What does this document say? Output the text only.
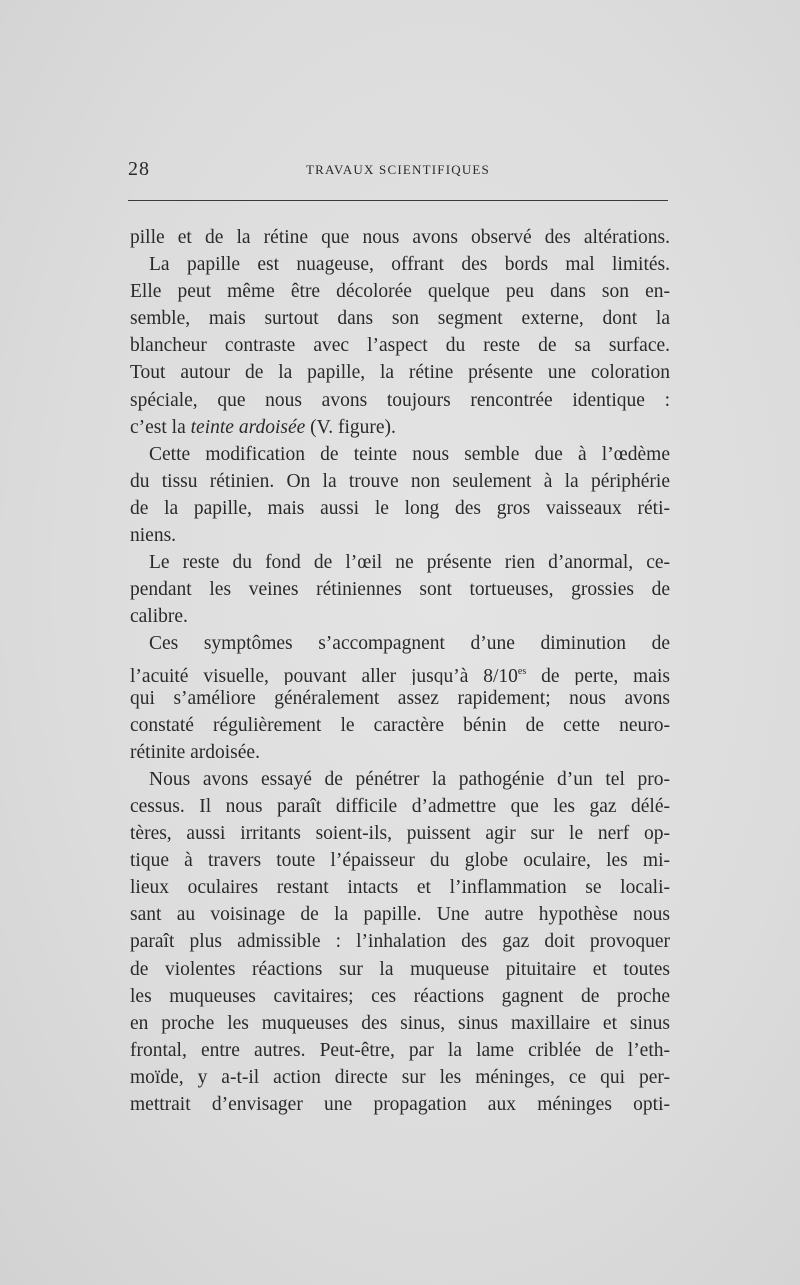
28	TRAVAUX SCIENTIFIQUES
pille et de la rétine que nous avons observé des altérations.
La papille est nuageuse, offrant des bords mal limités.
Elle peut même être décolorée quelque peu dans son en-
semble, mais surtout dans son segment externe, dont la
blancheur contraste avec l’aspect du reste de sa surface.
Tout autour de la papille, la rétine présente une coloration
spéciale, que nous avons toujours rencontrée identique :
c’est la teinte ardoisée (V. figure).
Cette modification de teinte nous semble due à l’œdème
du tissu rétinien. On la trouve non seulement à la périphérie
de la papille, mais aussi le long des gros vaisseaux réti-
niens.
Le reste du fond de l’œil ne présente rien d’anormal, ce-
pendant les veines rétiniennes sont tortueuses, grossies de
calibre.
Ces symptômes s’accompagnent d’une diminution de
l’acuité visuelle, pouvant aller jusqu’à $8/10^{es}$ de perte, mais
qui s’améliore généralement assez rapidement; nous avons
constaté régulièrement le caractère bénin de cette neuro-
rétinite ardoisée.
Nous avons essayé de pénétrer la pathogénie d’un tel pro-
cessus. Il nous paraît difficile d’admettre que les gaz délé-
tères, aussi irritants soient-ils, puissent agir sur le nerf op-
tique à travers toute l’épaisseur du globe oculaire, les mi-
lieux oculaires restant intacts et l’inflammation se locali-
sant au voisinage de la papille. Une autre hypothèse nous
paraît plus admissible : l’inhalation des gaz doit provoquer
de violentes réactions sur la muqueuse pituitaire et toutes
les muqueuses cavitaires; ces réactions gagnent de proche
en proche les muqueuses des sinus, sinus maxillaire et sinus
frontal, entre autres. Peut-être, par la lame criblée de l’eth-
moïde, y a-t-il action directe sur les méninges, ce qui per-
mettrait d’envisager une propagation aux méninges opti-
